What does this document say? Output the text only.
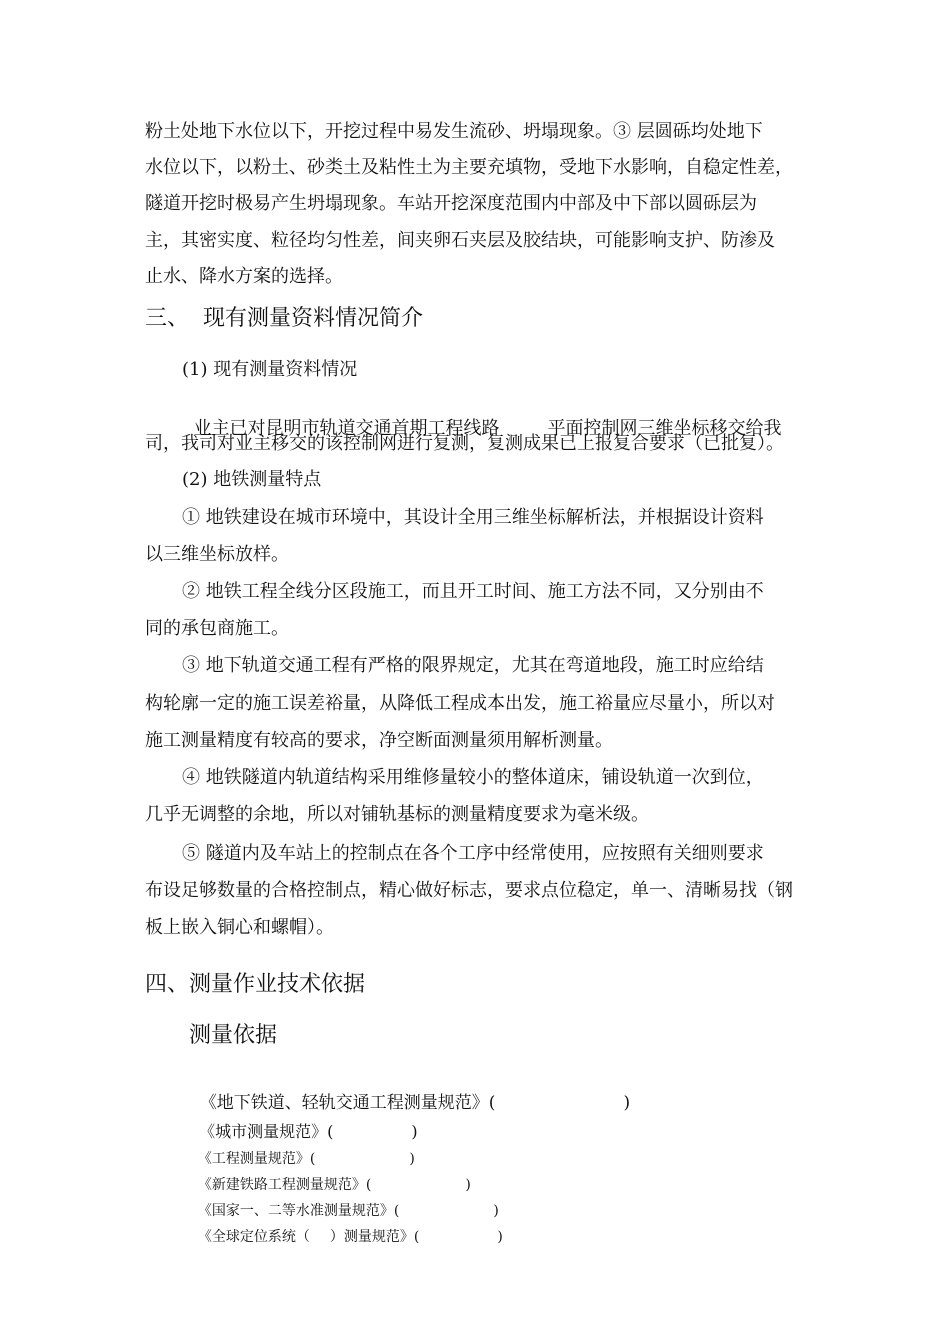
粉土处地下水位以下，开挖过程中易发生流砂、坍塌现象。③ 层圆砾均处地下
水位以下，以粉土、砂类土及粘性土为主要充填物，受地下水影响，自稳定性差，
隧道开挖时极易产生坍塌现象。车站开挖深度范围内中部及中下部以圆砾层为
主，其密实度、粒径均匀性差，间夹卵石夹层及胶结块，可能影响支护、防渗及
止水、降水方案的选择。
三、  现有测量资料情况简介
(1) 现有测量资料情况

业主已对昆明市轨道交通首期工程线路	平面控制网三维坐标移交给我

司，我司对业主移交的该控制网进行复测，复测成果已上报复合要求（已批复）。
(2) 地铁测量特点
① 地铁建设在城市环境中，其设计全用三维坐标解析法，并根据设计资料
以三维坐标放样。
② 地铁工程全线分区段施工，而且开工时间、施工方法不同，又分别由不
同的承包商施工。
③ 地下轨道交通工程有严格的限界规定，尤其在弯道地段，施工时应给结
构轮廓一定的施工误差裕量，从降低工程成本出发，施工裕量应尽量小，所以对
施工测量精度有较高的要求，净空断面测量须用解析测量。
④ 地铁隧道内轨道结构采用维修量较小的整体道床，铺设轨道一次到位，
几乎无调整的余地，所以对铺轨基标的测量精度要求为毫米级。
⑤ 隧道内及车站上的控制点在各个工序中经常使用，应按照有关细则要求
布设足够数量的合格控制点，精心做好标志，要求点位稳定，单一、清晰易找（钢
板上嵌入铜心和螺帽）。
四、测量作业技术依据
测量依据

《地下铁道、轻轨交通工程测量规范》(	)

《城市测量规范》(	)

《工程测量规范》(	)

《新建铁路工程测量规范》(	)

《国家一、二等水准测量规范》(	)

《全球定位系统（ ）测量规范》(	)
